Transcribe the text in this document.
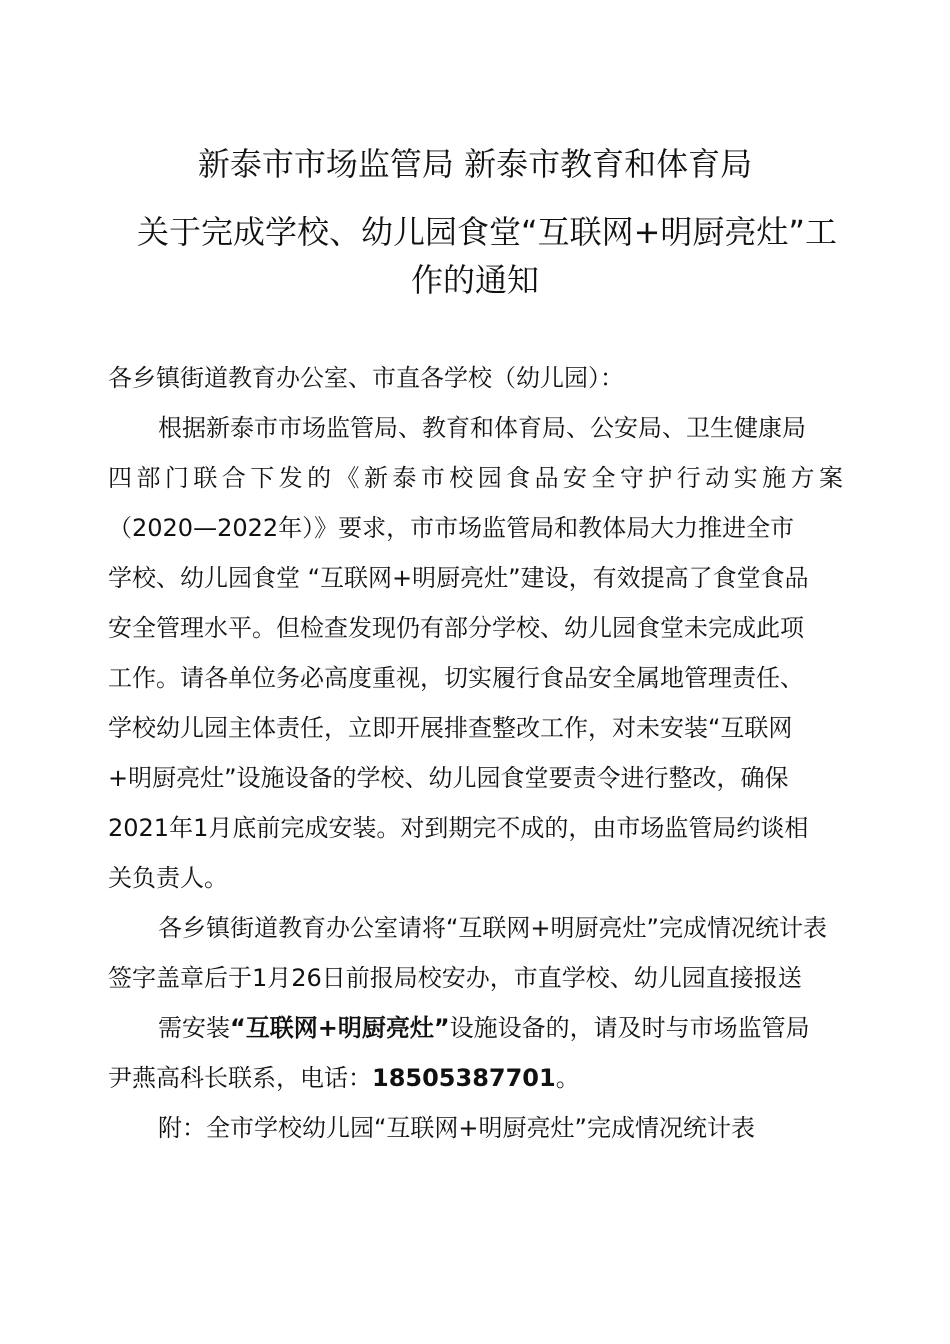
新泰市市场监管局 新泰市教育和体育局
关于完成学校、幼儿园食堂“互联网+明厨亮灶”工
作的通知
各乡镇街道教育办公室、市直各学校（幼儿园）：
根据新泰市市场监管局、教育和体育局、公安局、卫生健康局
四部门联合下发的《新泰市校园食品安全守护行动实施方案
（2020—2022年）》要求，市市场监管局和教体局大力推进全市
学校、幼儿园食堂 “互联网+明厨亮灶”建设，有效提高了食堂食品
安全管理水平。但检查发现仍有部分学校、幼儿园食堂未完成此项
工作。请各单位务必高度重视，切实履行食品安全属地管理责任、
学校幼儿园主体责任，立即开展排查整改工作，对未安装“互联网
+明厨亮灶”设施设备的学校、幼儿园食堂要责令进行整改，确保
2021年1月底前完成安装。对到期完不成的，由市场监管局约谈相
关负责人。
各乡镇街道教育办公室请将“互联网+明厨亮灶”完成情况统计表
签字盖章后于1月26日前报局校安办，市直学校、幼儿园直接报送
需安装“互联网+明厨亮灶”设施设备的，请及时与市场监管局
尹燕高科长联系，电话：18505387701。
附：全市学校幼儿园“互联网+明厨亮灶”完成情况统计表
